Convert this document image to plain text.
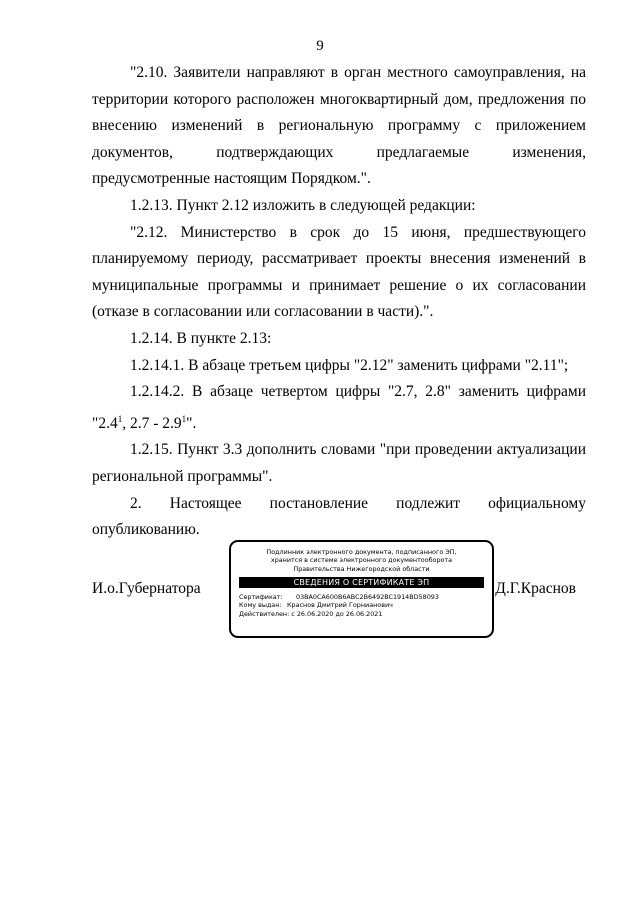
9

"2.10. Заявители направляют в орган местного самоуправления, на территории которого расположен многоквартирный дом, предложения по внесению изменений в региональную программу с приложением документов, подтверждающих предлагаемые изменения, предусмотренные настоящим Порядком.".

1.2.13. Пункт 2.12 изложить в следующей редакции:

"2.12. Министерство в срок до 15 июня, предшествующего планируемому периоду, рассматривает проекты внесения изменений в муниципальные программы и принимает решение о их согласовании (отказе в согласовании или согласовании в части).".

1.2.14. В пункте 2.13:

1.2.14.1. В абзаце третьем цифры "2.12" заменить цифрами "2.11";

1.2.14.2. В абзаце четвертом цифры "2.7, 2.8" заменить цифрами "$2.4^1$, $2.7 - 2.9^1$".

1.2.15. Пункт 3.3 дополнить словами "при проведении актуализации региональной программы".

2. Настоящее постановление подлежит официальному опубликованию.

И.о.Губернатора
Подлинник электронного документа, подписанного ЭП,
хранится в системе электронного документооборота
Правительства Нижегородской области
СВЕДЕНИЯ О СЕРТИФИКАТЕ ЭП
Сертификат: 03ВА0CA600B6ABC2B6492BC1914ВD58093
Кому выдан: Краснов Дмитрий Горнианович
Действителен: с 26.06.2020 до 26.06.2021
Д.Г.Краснов
